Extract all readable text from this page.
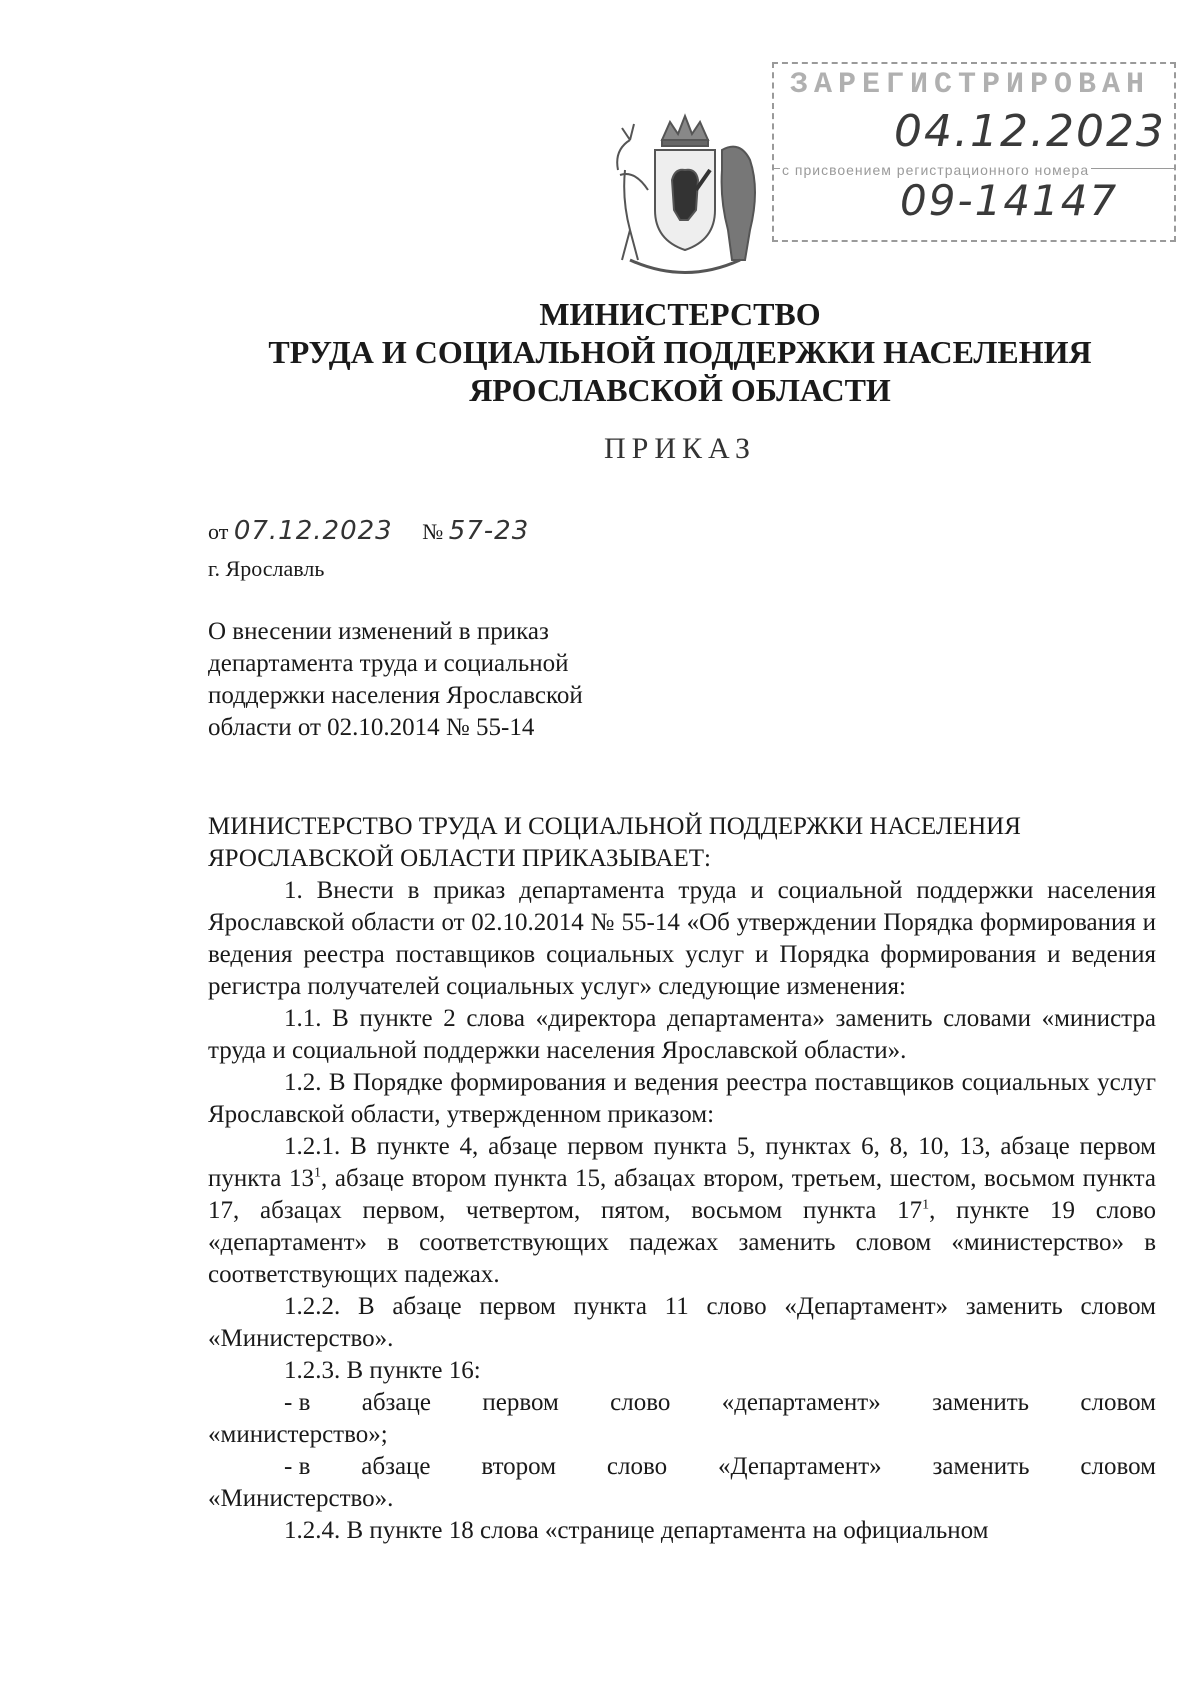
ЗАРЕГИСТРИРОВАН
04.12.2023
с присвоением регистрационного номера
09-14147
МИНИСТЕРСТВО
ТРУДА И СОЦИАЛЬНОЙ ПОДДЕРЖКИ НАСЕЛЕНИЯ
ЯРОСЛАВСКОЙ ОБЛАСТИ
ПРИКАЗ
от 07.12.2023 № 57-23
г. Ярославль
О внесении изменений в приказ
департамента труда и социальной
поддержки населения Ярославской
области от 02.10.2014 № 55-14
МИНИСТЕРСТВО ТРУДА И СОЦИАЛЬНОЙ ПОДДЕРЖКИ НАСЕЛЕНИЯ ЯРОСЛАВСКОЙ ОБЛАСТИ ПРИКАЗЫВАЕТ:
1. Внести в приказ департамента труда и социальной поддержки населения Ярославской области от 02.10.2014 № 55-14 «Об утверждении Порядка формирования и ведения реестра поставщиков социальных услуг и Порядка формирования и ведения регистра получателей социальных услуг» следующие изменения:
1.1. В пункте 2 слова «директора департамента» заменить словами «министра труда и социальной поддержки населения Ярославской области».
1.2. В Порядке формирования и ведения реестра поставщиков социальных услуг Ярославской области, утвержденном приказом:
1.2.1. В пункте 4, абзаце первом пункта 5, пунктах 6, 8, 10, 13, абзаце первом пункта $13^1$, абзаце втором пункта 15, абзацах втором, третьем, шестом, восьмом пункта 17, абзацах первом, четвертом, пятом, восьмом пункта $17^1$, пункте 19 слово «департамент» в соответствующих падежах заменить словом «министерство» в соответствующих падежах.
1.2.2. В абзаце первом пункта 11 слово «Департамент» заменить словом «Министерство».
1.2.3. В пункте 16:
- в абзаце первом слово «департамент» заменить словом
«министерство»;
- в абзаце втором слово «Департамент» заменить словом
«Министерство».
1.2.4. В пункте 18 слова «странице департамента на официальном
